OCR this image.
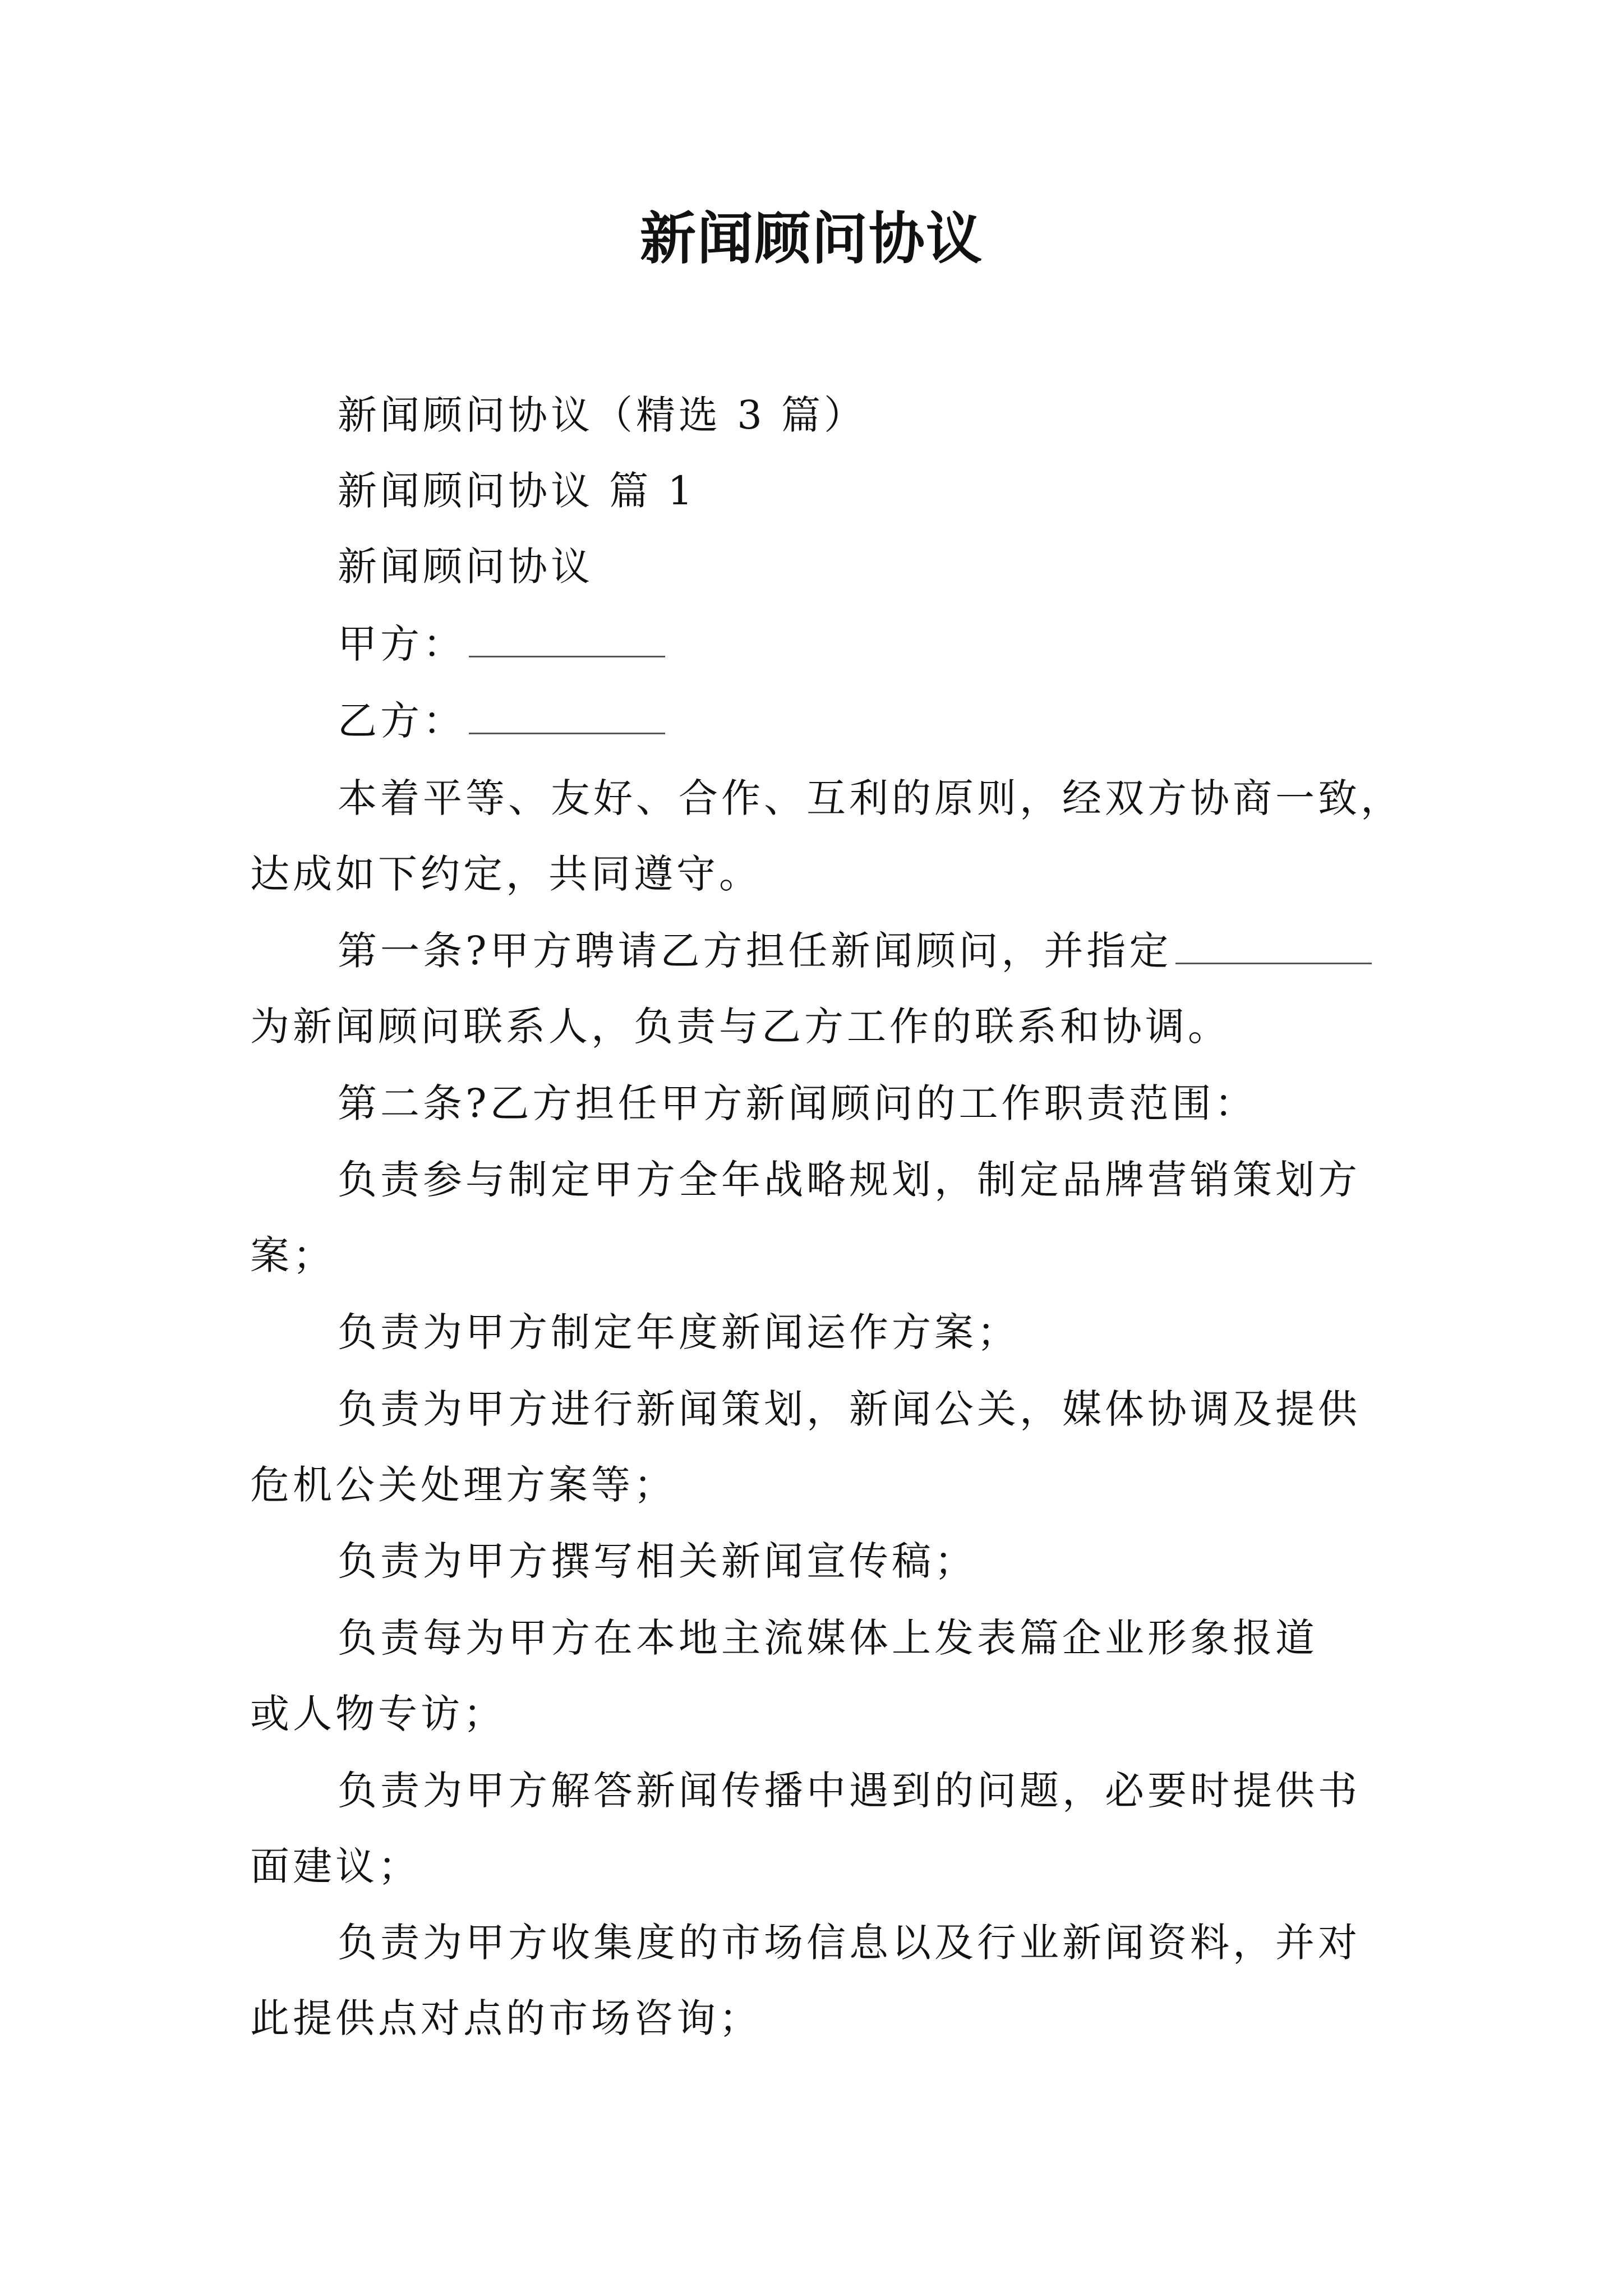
新闻顾问协议
新闻顾问协议（精选 3 篇）
新闻顾问协议 篇 1
新闻顾问协议
甲方：
乙方：
本着平等、友好、合作、互利的原则，经双方协商一致，
达成如下约定，共同遵守。
第一条?甲方聘请乙方担任新闻顾问，并指定
为新闻顾问联系人，负责与乙方工作的联系和协调。
第二条?乙方担任甲方新闻顾问的工作职责范围：
负责参与制定甲方全年战略规划，制定品牌营销策划方
案；
负责为甲方制定年度新闻运作方案；
负责为甲方进行新闻策划，新闻公关，媒体协调及提供
危机公关处理方案等；
负责为甲方撰写相关新闻宣传稿；
负责每为甲方在本地主流媒体上发表篇企业形象报道
或人物专访；
负责为甲方解答新闻传播中遇到的问题，必要时提供书
面建议；
负责为甲方收集度的市场信息以及行业新闻资料，并对
此提供点对点的市场咨询；
